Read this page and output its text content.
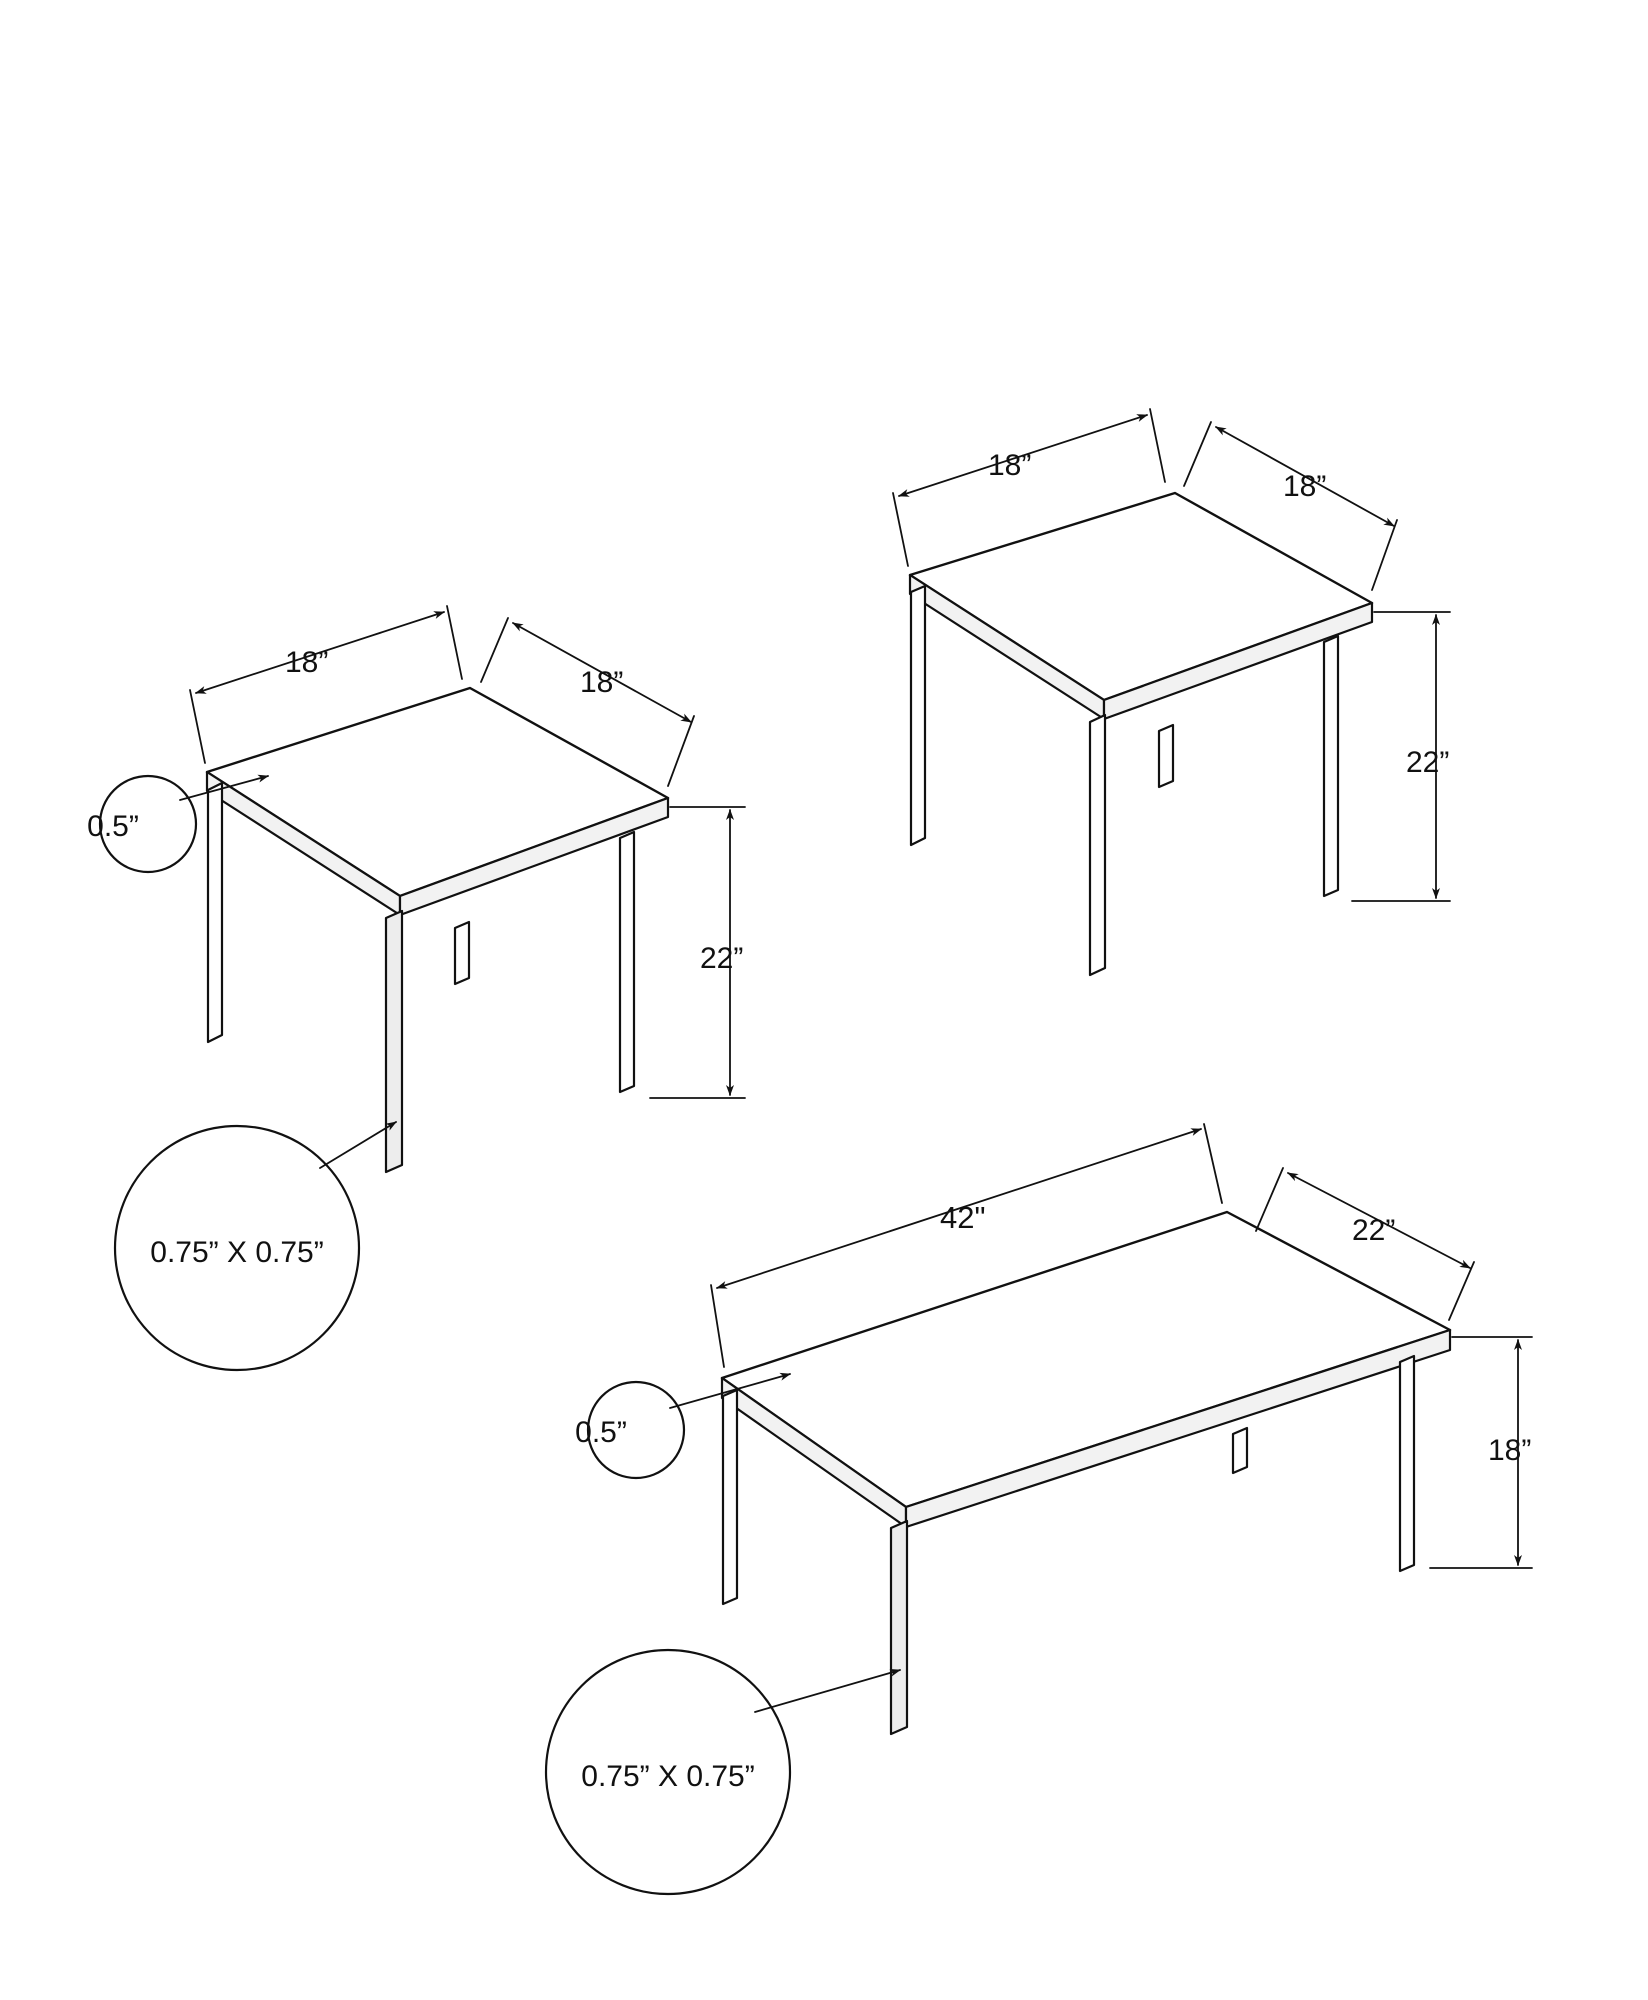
18”
18”
22”
0.5”
0.75” X 0.75”
18”
18”
22”
42"	22”
18”
0.5”
0.75” X 0.75”
